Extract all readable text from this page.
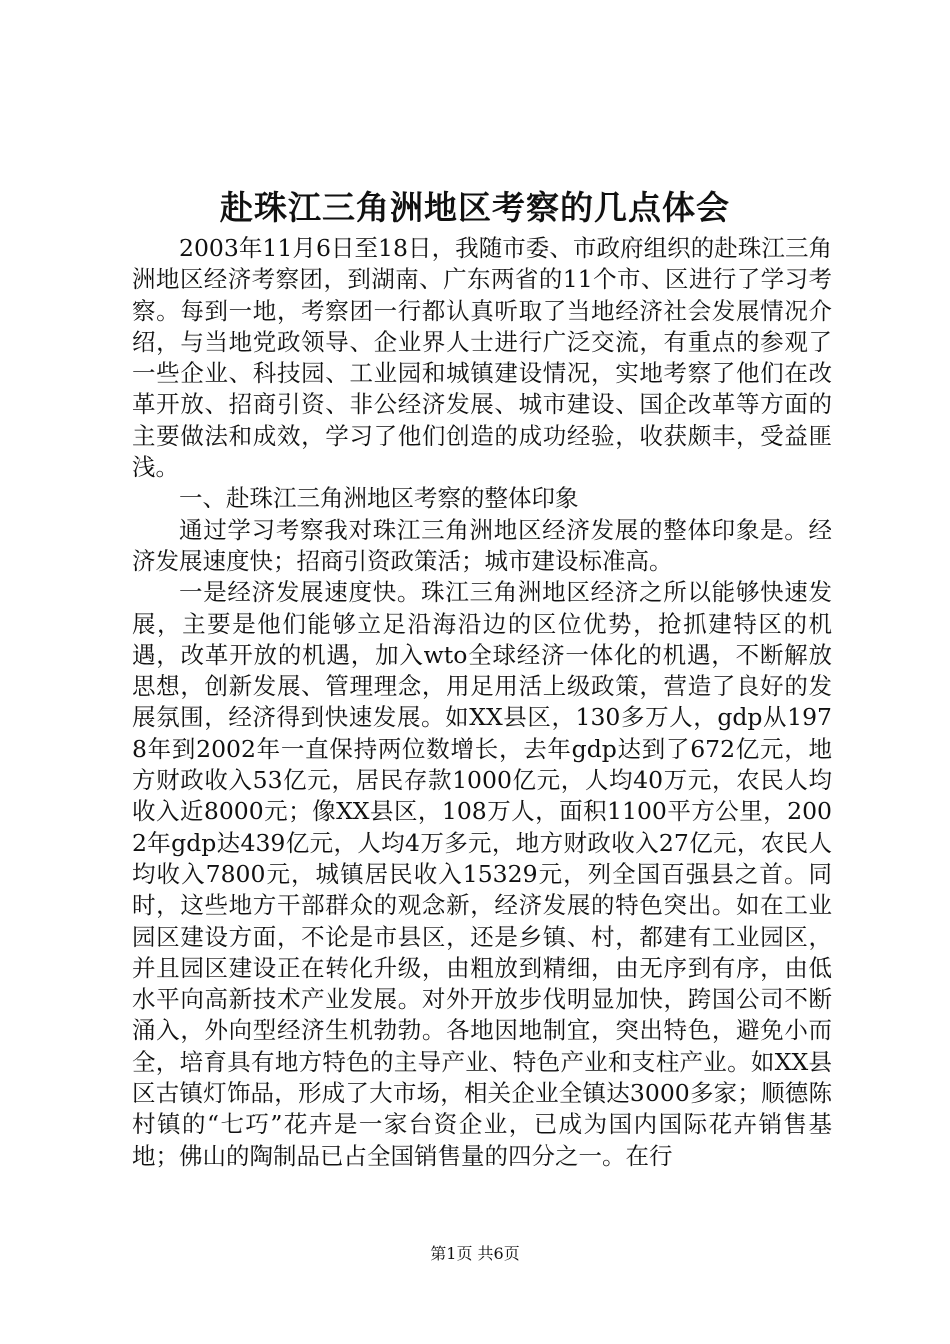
赴珠江三角洲地区考察的几点体会

2003年11月6日至18日，我随市委、市政府组织的赴珠江三角洲地区经济考察团，到湖南、广东两省的11个市、区进行了学习考察。每到一地，考察团一行都认真听取了当地经济社会发展情况介绍，与当地党政领导、企业界人士进行广泛交流，有重点的参观了一些企业、科技园、工业园和城镇建设情况，实地考察了他们在改革开放、招商引资、非公经济发展、城市建设、国企改革等方面的主要做法和成效，学习了他们创造的成功经验，收获颇丰，受益匪浅。

一、赴珠江三角洲地区考察的整体印象

通过学习考察我对珠江三角洲地区经济发展的整体印象是。经济发展速度快；招商引资政策活；城市建设标准高。

一是经济发展速度快。珠江三角洲地区经济之所以能够快速发展，主要是他们能够立足沿海沿边的区位优势，抢抓建特区的机遇，改革开放的机遇，加入wto全球经济一体化的机遇，不断解放思想，创新发展、管理理念，用足用活上级政策，营造了良好的发展氛围，经济得到快速发展。如XX县区，130多万人，gdp从1978年到2002年一直保持两位数增长，去年gdp达到了672亿元，地方财政收入53亿元，居民存款1000亿元，人均40万元，农民人均收入近8000元；像XX县区，108万人，面积1100平方公里，2002年gdp达439亿元，人均4万多元，地方财政收入27亿元，农民人均收入7800元，城镇居民收入15329元，列全国百强县之首。同时，这些地方干部群众的观念新，经济发展的特色突出。如在工业园区建设方面，不论是市县区，还是乡镇、村，都建有工业园区，并且园区建设正在转化升级，由粗放到精细，由无序到有序，由低水平向高新技术产业发展。对外开放步伐明显加快，跨国公司不断涌入，外向型经济生机勃勃。各地因地制宜，突出特色，避免小而全，培育具有地方特色的主导产业、特色产业和支柱产业。如XX县区古镇灯饰品，形成了大市场，相关企业全镇达3000多家；顺德陈村镇的“七巧”花卉是一家台资企业，已成为国内国际花卉销售基地；佛山的陶制品已占全国销售量的四分之一。在行

第1页 共6页
